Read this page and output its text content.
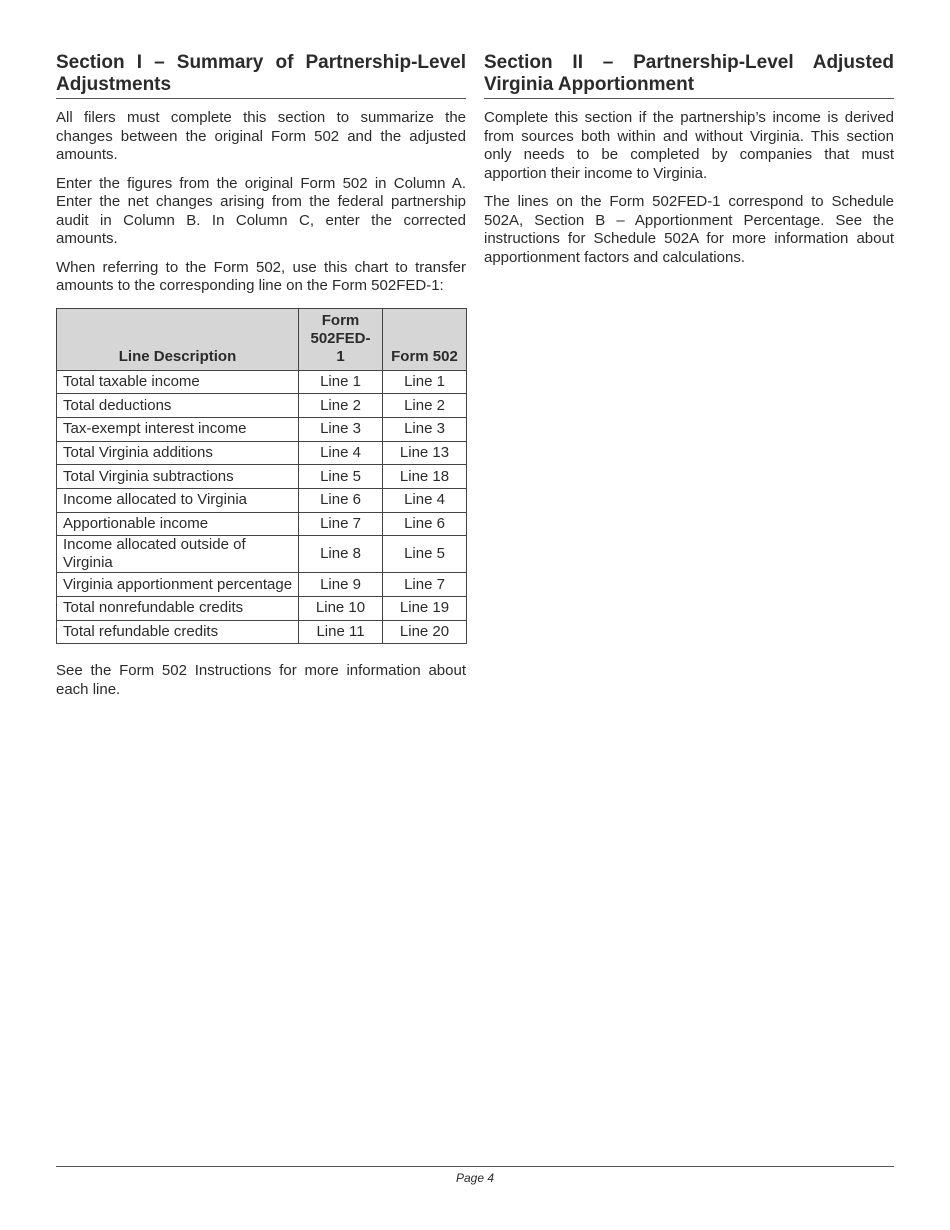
Section I – Summary of Partnership-Level Adjustments

All filers must complete this section to summarize the changes between the original Form 502 and the adjusted amounts.

Enter the figures from the original Form 502 in Column A. Enter the net changes arising from the federal partnership audit in Column B. In Column C, enter the corrected amounts.

When referring to the Form 502, use this chart to transfer amounts to the corresponding line on the Form 502FED-1:

Line Description	Form 502FED-1	Form 502
Total taxable income	Line 1	Line 1
Total deductions	Line 2	Line 2
Tax-exempt interest income	Line 3	Line 3
Total Virginia additions	Line 4	Line 13
Total Virginia subtractions	Line 5	Line 18
Income allocated to Virginia	Line 6	Line 4
Apportionable income	Line 7	Line 6
Income allocated outside of Virginia	Line 8	Line 5
Virginia apportionment percentage	Line 9	Line 7
Total nonrefundable credits	Line 10	Line 19
Total refundable credits	Line 11	Line 20

See the Form 502 Instructions for more information about each line.

Section II – Partnership-Level Adjusted Virginia Apportionment

Complete this section if the partnership’s income is derived from sources both within and without Virginia. This section only needs to be completed by companies that must apportion their income to Virginia.

The lines on the Form 502FED-1 correspond to Schedule 502A, Section B – Apportionment Percentage. See the instructions for Schedule 502A for more information about apportionment factors and calculations.

Page 4
